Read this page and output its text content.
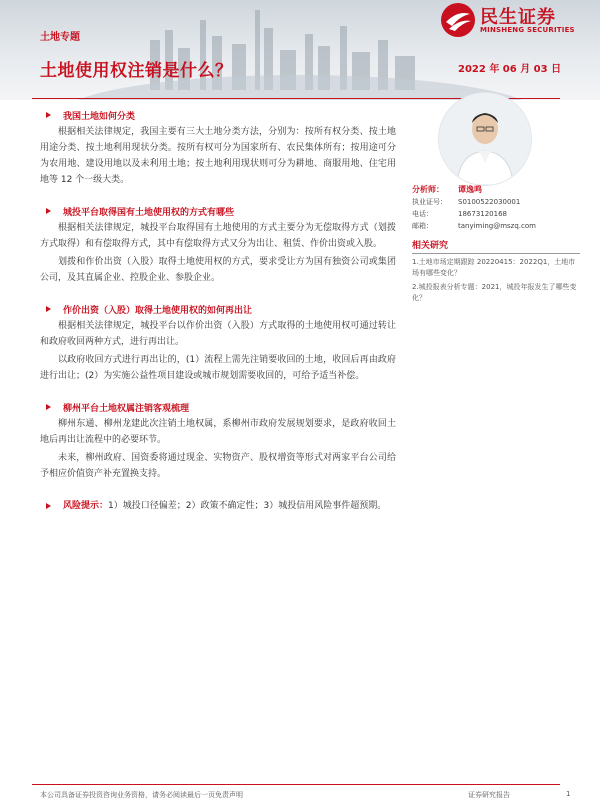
民生证券
MINSHENG SECURITIES
土地专题
土地使用权注销是什么？	2022 年 06 月 03 日
我国土地如何分类

根据相关法律规定，我国主要有三大土地分类方法，分别为：按所有权分类、按土地用途分类、按土地利用现状分类。按所有权可分为国家所有、农民集体所有；按用途可分为农用地、建设用地以及未利用土地；按土地利用现状则可分为耕地、商服用地、住宅用地等 12 个一级大类。

城投平台取得国有土地使用权的方式有哪些

根据相关法律规定，城投平台取得国有土地使用的方式主要分为无偿取得方式（划拨方式取得）和有偿取得方式，其中有偿取得方式又分为出让、租赁、作价出资或入股。

划拨和作价出资（入股）取得土地使用权的方式，要求受让方为国有独资公司或集团公司，及其直属企业、控股企业、参股企业。

作价出资（入股）取得土地使用权的如何再出让

根据相关法律规定，城投平台以作价出资（入股）方式取得的土地使用权可通过转让和政府收回两种方式，进行再出让。

以政府收回方式进行再出让的，(1）流程上需先注销要收回的土地，收回后再由政府进行出让；(2）为实施公益性项目建设或城市规划需要收回的，可给予适当补偿。

柳州平台土地权属注销客观梳理

柳州东通、柳州龙建此次注销土地权属，系柳州市政府发展规划要求，是政府收回土地后再出让流程中的必要环节。

未来，柳州政府、国资委将通过现金、实物资产、股权增资等形式对两家平台公司给予相应价值资产补充置换支持。

风险提示：1）城投口径偏差；2）政策不确定性；3）城投信用风险事件超预期。
分析师：	谭逸鸣
执业证号：	S0100522030001
电话：	18673120168
邮箱：	tanyiming@mszq.com
相关研究
1.土地市场定期跟踪 20220415：2022Q1，土地市场有哪些变化？
2.城投报表分析专题：2021，城投年报发生了哪些变化？
本公司具备证券投资咨询业务资格，请务必阅读最后一页免责声明	证券研究报告	1
